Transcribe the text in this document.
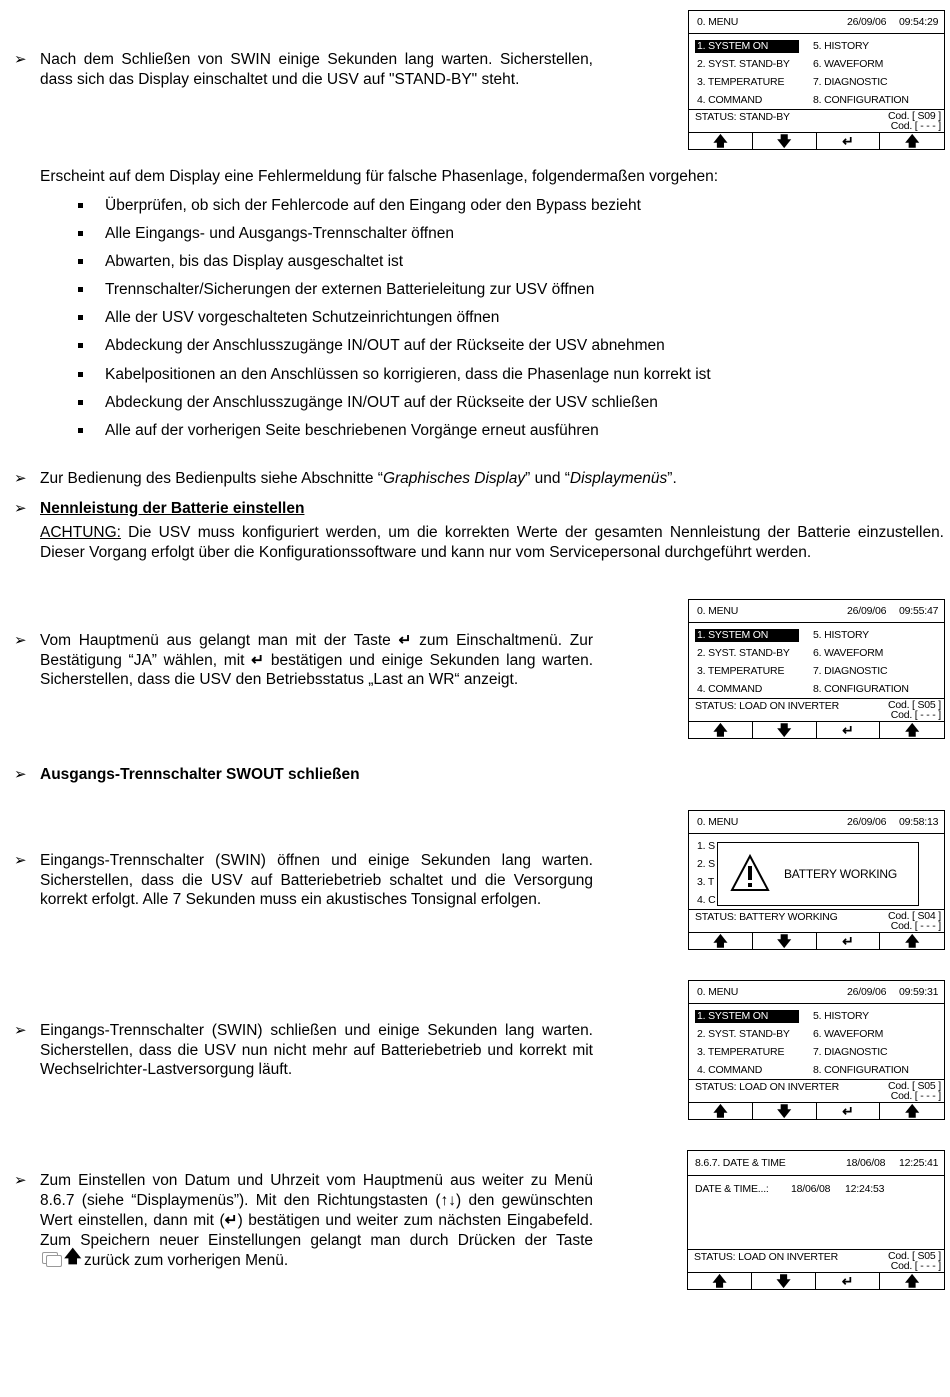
➢ Nach dem Schließen von SWIN einige Sekunden lang warten. Sicherstellen, dass sich das Display einschaltet und die USV auf "STAND-BY" steht.
Erscheint auf dem Display eine Fehlermeldung für falsche Phasenlage, folgendermaßen vorgehen:
Überprüfen, ob sich der Fehlercode auf den Eingang oder den Bypass bezieht
Alle Eingangs- und Ausgangs-Trennschalter öffnen
Abwarten, bis das Display ausgeschaltet ist
Trennschalter/Sicherungen der externen Batterieleitung zur USV öffnen
Alle der USV vorgeschalteten Schutzeinrichtungen öffnen
Abdeckung der Anschlusszugänge IN/OUT auf der Rückseite der USV abnehmen
Kabelpositionen an den Anschlüssen so korrigieren, dass die Phasenlage nun korrekt ist
Abdeckung der Anschlusszugänge IN/OUT auf der Rückseite der USV schließen
Alle auf der vorherigen Seite beschriebenen Vorgänge erneut ausführen
➢ Zur Bedienung des Bedienpults siehe Abschnitte “Graphisches Display” und “Displaymenüs”.
➢ Nennleistung der Batterie einstellen
ACHTUNG: Die USV muss konfiguriert werden, um die korrekten Werte der gesamten Nennleistung der Batterie einzustellen. Dieser Vorgang erfolgt über die Konfigurationssoftware und kann nur vom Servicepersonal durchgeführt werden.
➢ Vom Hauptmenü aus gelangt man mit der Taste ↵ zum Einschaltmenü. Zur Bestätigung “JA” wählen, mit ↵ bestätigen und einige Sekunden lang warten. Sicherstellen, dass die USV den Betriebsstatus „Last an WR“ anzeigt.
➢ Ausgangs-Trennschalter SWOUT schließen
➢ Eingangs-Trennschalter (SWIN) öffnen und einige Sekunden lang warten. Sicherstellen, dass die USV auf Batteriebetrieb schaltet und die Versorgung korrekt erfolgt. Alle 7 Sekunden muss ein akustisches Tonsignal erfolgen.
➢ Eingangs-Trennschalter (SWIN) schließen und einige Sekunden lang warten. Sicherstellen, dass die USV nun nicht mehr auf Batteriebetrieb und korrekt mit Wechselrichter-Lastversorgung läuft.
➢ Zum Einstellen von Datum und Uhrzeit vom Hauptmenü aus weiter zu Menü 8.6.7 (siehe “Displaymenüs”). Mit den Richtungstasten (↑↓) den gewünschten Wert einstellen, dann mit (↵) bestätigen und weiter zum nächsten Eingabefeld. Zum Speichern neuer Einstellungen gelangt man durch Drücken der Taste
🡅 zurück zum vorherigen Menü.
0. MENU	26/09/06 09:54:29
1. SYSTEM ON
2. SYST. STAND-BY
3. TEMPERATURE
4. COMMAND
5. HISTORY
6. WAVEFORM
7. DIAGNOSTIC
8. CONFIGURATION
STATUS: STAND-BY	Cod. [ S09 ]
Cod. [ - - - ]
🡅	🡇	↵	🡅
0. MENU	26/09/06 09:55:47
1. SYSTEM ON
2. SYST. STAND-BY
3. TEMPERATURE
4. COMMAND
5. HISTORY
6. WAVEFORM
7. DIAGNOSTIC
8. CONFIGURATION
STATUS: LOAD ON INVERTER	Cod. [ S05 ]
Cod. [ - - - ]
🡅	🡇	↵	🡅
0. MENU	26/09/06 09:58:13
1. S
2. S
3. T
4. C
BATTERY WORKING
STATUS: BATTERY WORKING	Cod. [ S04 ]
Cod. [ - - - ]
🡅	🡇	↵	🡅
0. MENU	26/09/06 09:59:31
1. SYSTEM ON
2. SYST. STAND-BY
3. TEMPERATURE
4. COMMAND
5. HISTORY
6. WAVEFORM
7. DIAGNOSTIC
8. CONFIGURATION
STATUS: LOAD ON INVERTER	Cod. [ S05 ]
Cod. [ - - - ]
🡅	🡇	↵	🡅
8.6.7. DATE & TIME	18/06/08 12:25:41
DATE & TIME...: 18/06/08 12:24:53
STATUS: LOAD ON INVERTER	Cod. [ S05 ]
Cod. [ - - - ]
🡅	🡇	↵	🡅
